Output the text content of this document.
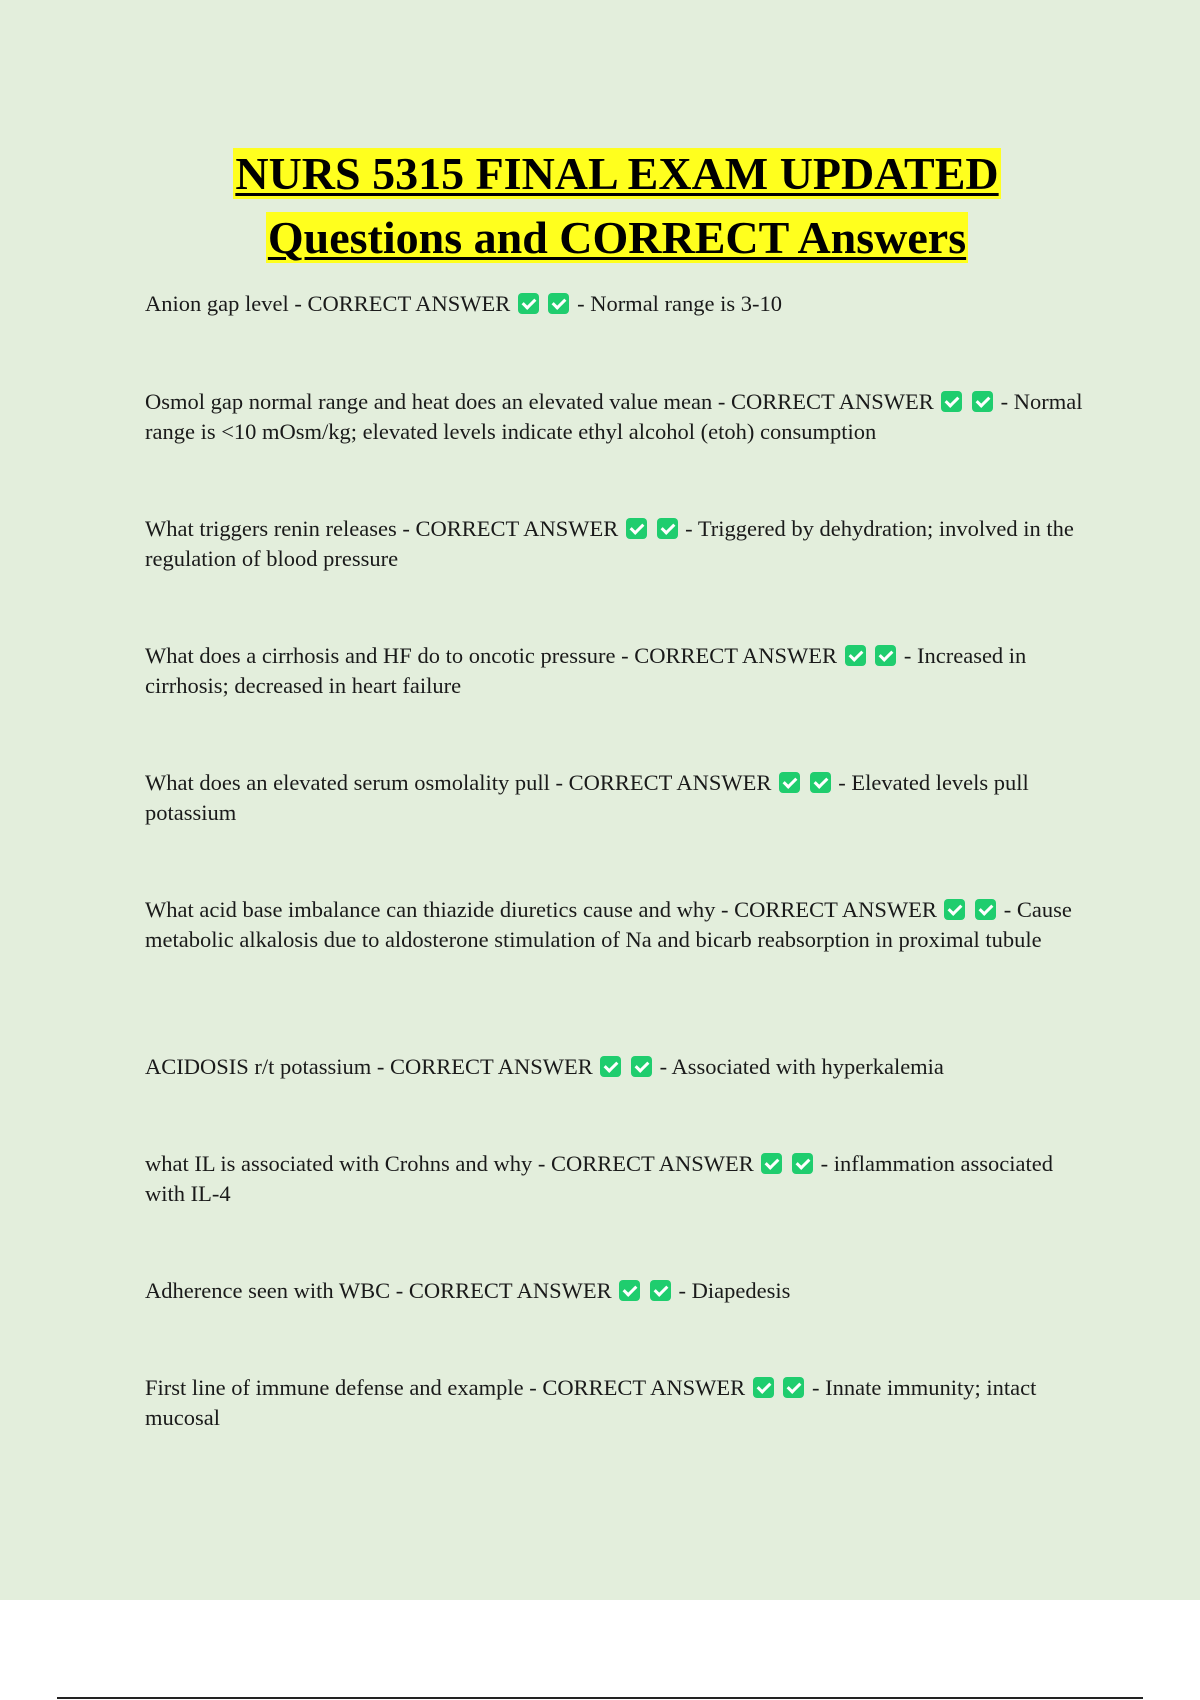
NURS 5315 FINAL EXAM UPDATED
Questions and CORRECT Answers
Anion gap level - CORRECT ANSWER	- Normal range is 3-10
Osmol gap normal range and heat does an elevated value mean - CORRECT ANSWER	- Normal range is <10 mOsm/kg; elevated levels indicate ethyl alcohol (etoh) consumption
What triggers renin releases - CORRECT ANSWER	- Triggered by dehydration; involved in the regulation of blood pressure
What does a cirrhosis and HF do to oncotic pressure - CORRECT ANSWER	- Increased in cirrhosis; decreased in heart failure
What does an elevated serum osmolality pull - CORRECT ANSWER	- Elevated levels pull potassium
What acid base imbalance can thiazide diuretics cause and why - CORRECT ANSWER	- Cause metabolic alkalosis due to aldosterone stimulation of Na and bicarb reabsorption in proximal tubule
ACIDOSIS r/t potassium - CORRECT ANSWER	- Associated with hyperkalemia
what IL is associated with Crohns and why - CORRECT ANSWER	- inflammation associated with IL-4
Adherence seen with WBC - CORRECT ANSWER	- Diapedesis
First line of immune defense and example - CORRECT ANSWER	- Innate immunity; intact mucosal
